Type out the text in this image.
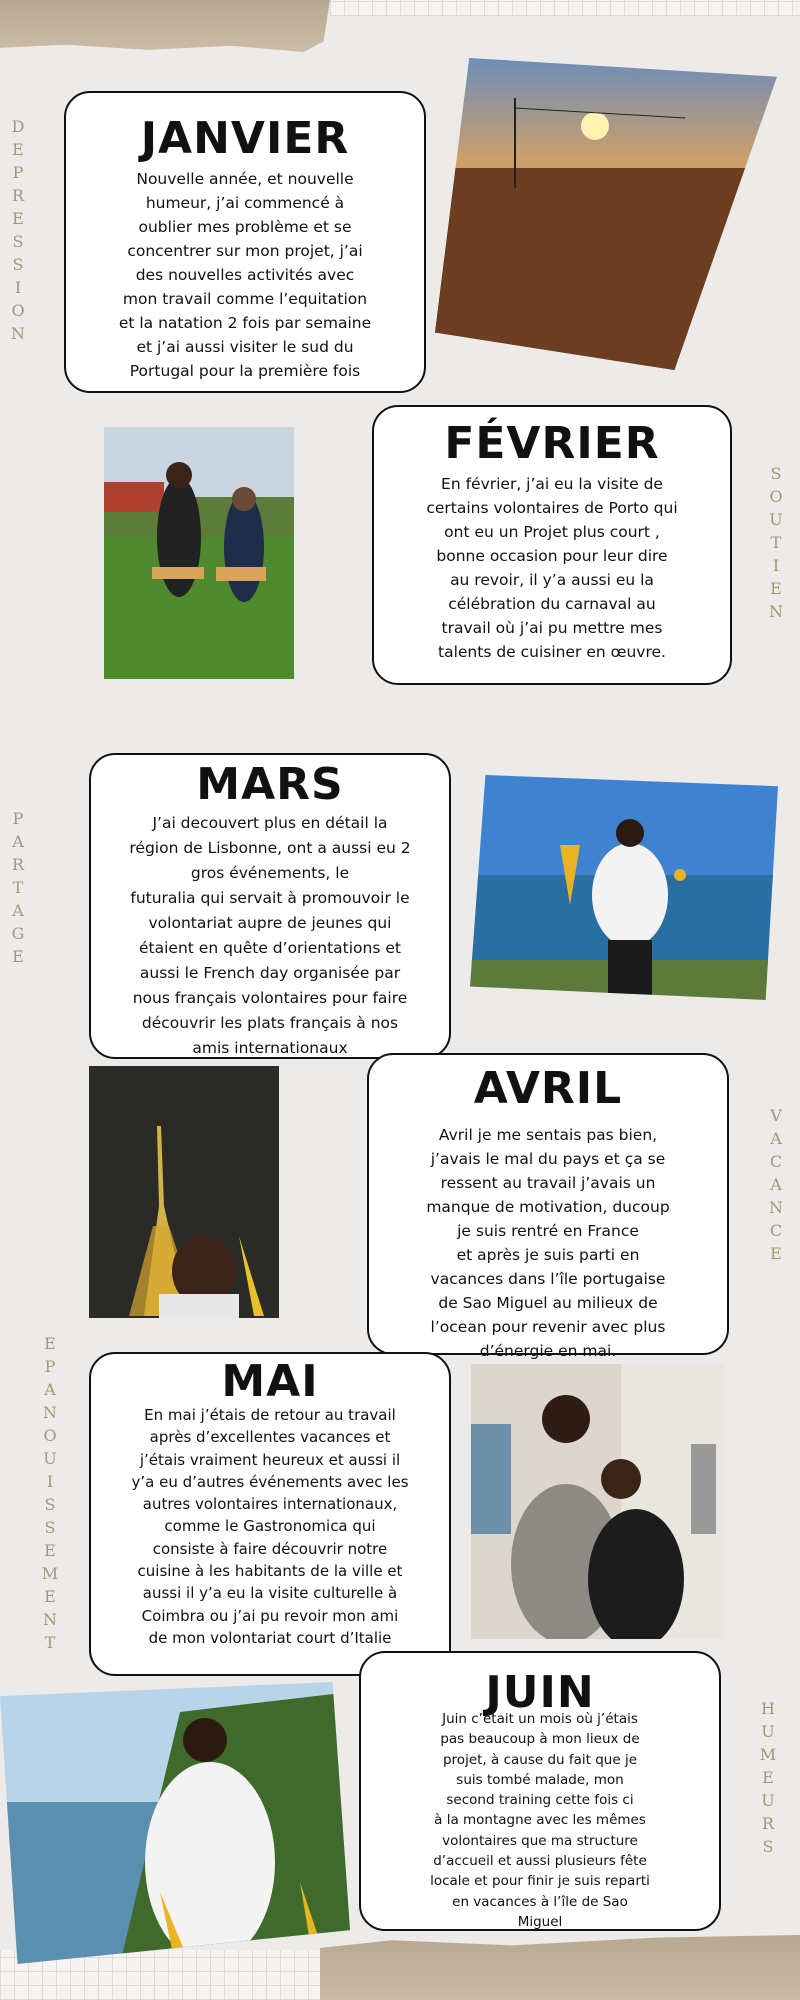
D
E
P
R
E
S
S
I
O
N
S
O
U
T
I
E
N
P
A
R
T
A
G
E
V
A
C
A
N
C
E
E
P
A
N
O
U
I
S
S
E
M
E
N
T
H
U
M
E
U
R
S
JANVIER

Nouvelle année, et nouvelle
humeur, j’ai commencé à
oublier mes problème et se
concentrer sur mon projet, j’ai
des nouvelles activités avec
mon travail comme l’equitation
et la natation 2 fois par semaine
et j’ai aussi visiter le sud du
Portugal pour la première fois

FÉVRIER

En février, j’ai eu la visite de
certains volontaires de Porto qui
ont eu un Projet plus court ,
bonne occasion pour leur dire
au revoir, il y’a aussi eu la
célébration du carnaval au
travail où j’ai pu mettre mes
talents de cuisiner en œuvre.

MARS

J’ai decouvert plus en détail la
région de Lisbonne, ont a aussi eu 2
gros événements, le
futuralia qui servait à promouvoir le
volontariat aupre de jeunes qui
étaient en quête d’orientations et
aussi le French day organisée par
nous français volontaires pour faire
découvrir les plats français à nos
amis internationaux

AVRIL

Avril je me sentais pas bien,
j’avais le mal du pays et ça se
ressent au travail j’avais un
manque de motivation, ducoup
je suis rentré en France
et après je suis parti en
vacances dans l’île portugaise
de Sao Miguel au milieux de
l’ocean pour revenir avec plus
d’énergie en mai.

MAI

En mai j’étais de retour au travail
après d’excellentes vacances et
j’étais vraiment heureux et aussi il
y’a eu d’autres événements avec les
autres volontaires internationaux,
comme le Gastronomica qui
consiste à faire découvrir notre
cuisine à les habitants de la ville et
aussi il y’a eu la visite culturelle à
Coimbra ou j’ai pu revoir mon ami
de mon volontariat court d’Italie

JUIN

Juin c’était un mois où j’étais
pas beaucoup à mon lieux de
projet, à cause du fait que je
suis tombé malade, mon
second training cette fois ci
à la montagne avec les mêmes
volontaires que ma structure
d’accueil et aussi plusieurs fête
locale et pour finir je suis reparti
en vacances à l’île de Sao
Miguel
